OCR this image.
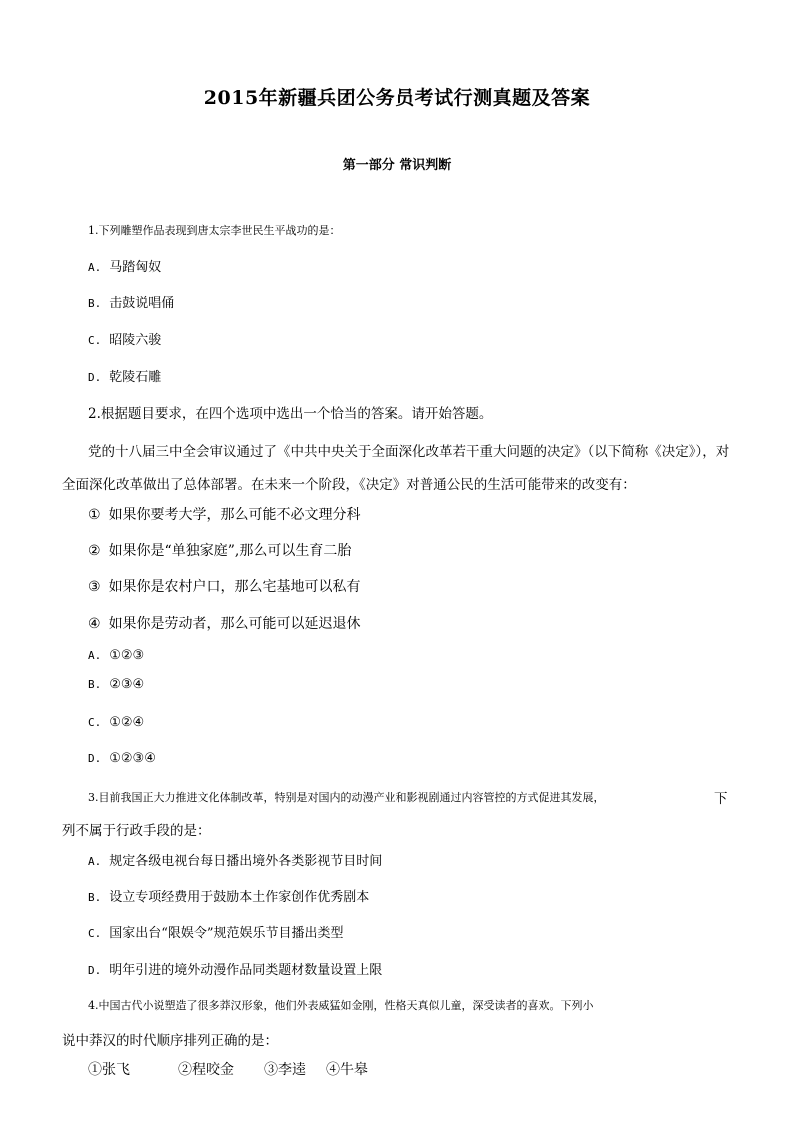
2015年新疆兵团公务员考试行测真题及答案
第一部分 常识判断
1.下列雕塑作品表现到唐太宗李世民生平战功的是：
A. 马踏匈奴
B. 击鼓说唱俑
C. 昭陵六骏
D. 乾陵石雕
2.根据题目要求，在四个选项中选出一个恰当的答案。请开始答题。
党的十八届三中全会审议通过了《中共中央关于全面深化改革若干重大问题的决定》（以下简称《决定》），对
全面深化改革做出了总体部署。在未来一个阶段，《决定》对普通公民的生活可能带来的改变有：
① 如果你要考大学，那么可能不必文理分科
② 如果你是“单独家庭”,那么可以生育二胎
③ 如果你是农村户口，那么宅基地可以私有
④ 如果你是劳动者，那么可能可以延迟退休
A. ①②③
B. ②③④
C. ①②④
D. ①②③④
3.目前我国正大力推进文化体制改革，特别是对国内的动漫产业和影视剧通过内容管控的方式促进其发展，	下
列不属于行政手段的是：
A. 规定各级电视台每日播出境外各类影视节目时间
B. 设立专项经费用于鼓励本土作家创作优秀剧本
C. 国家出台“限娱令”规范娱乐节目播出类型
D. 明年引进的境外动漫作品同类题材数量设置上限
4.中国古代小说塑造了很多莽汉形象，他们外表威猛如金刚，性格天真似儿童，深受读者的喜欢。下列小
说中莽汉的时代顺序排列正确的是：
①张飞	②程咬金 ③李逵 ④牛皋
